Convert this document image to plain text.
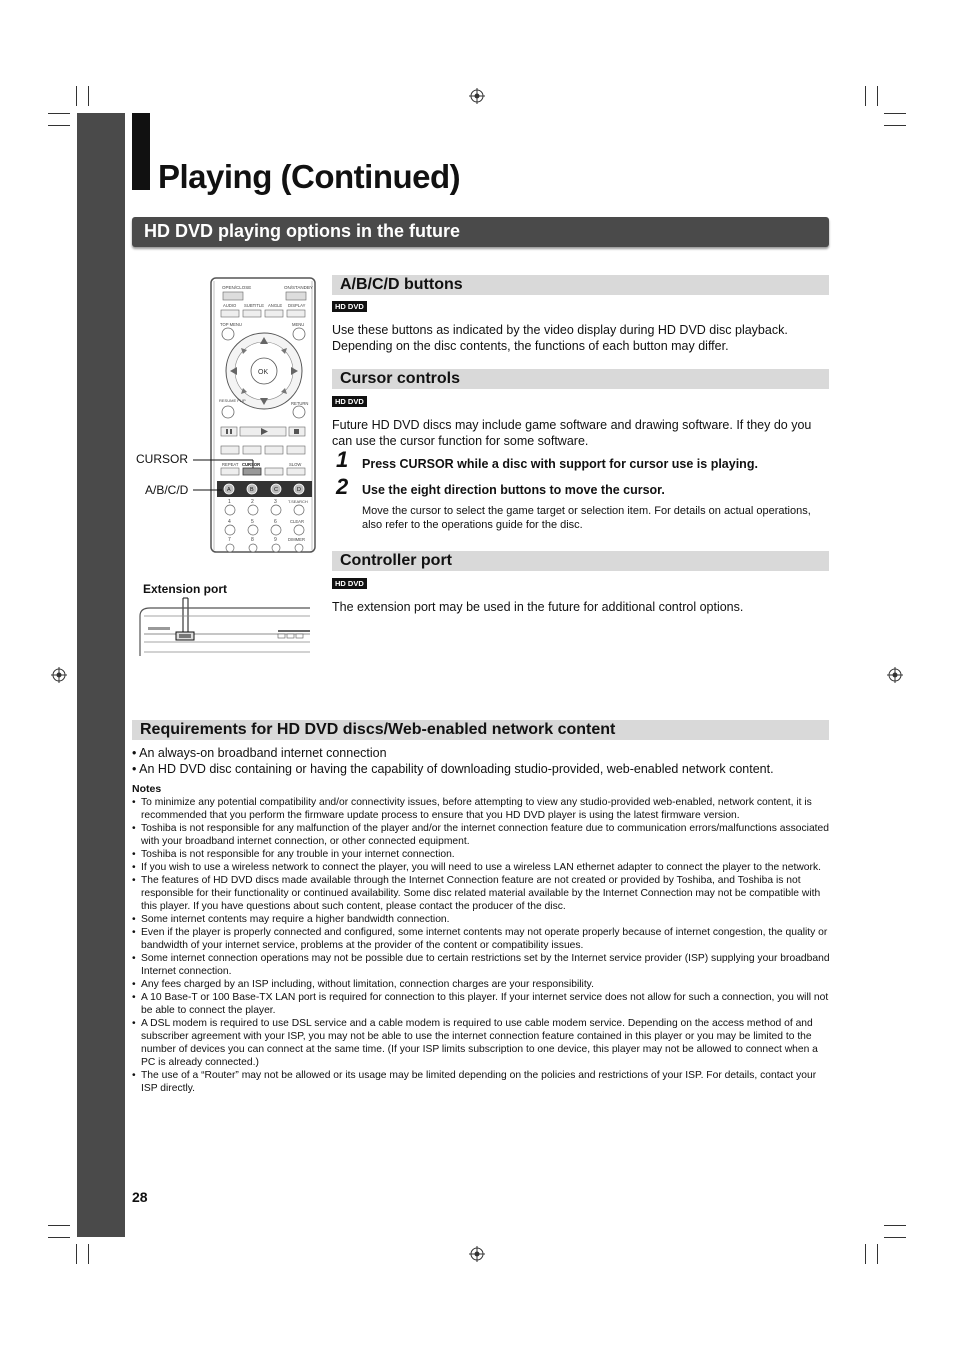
Playing (Continued)
HD DVD playing options in the future
OPEN/CLOSE	ON/STANDBY
AUDIO SUBTITLE ANGLE DISPLAY
TOP MENU	MENU
OK
RESUME FLIP
RETURN
REPEAT CURSOR	SLOW
A	B	C	D
1	2	3	T.SEARCH
4	5	6	CLEAR
7	8	9	DIMMER
CURSOR
A/B/C/D
Extension port
A/B/C/D buttons
HD DVD
Use these buttons as indicated by the video display during HD DVD disc playback. Depending on the disc contents, the functions of each button may differ.
Cursor controls
HD DVD
Future HD DVD discs may include game software and drawing software. If they do you can use the cursor function for some software.
1 Press CURSOR while a disc with support for cursor use is playing.
2 Use the eight direction buttons to move the cursor.
Move the cursor to select the game target or selection item. For details on actual operations, also refer to the operations guide for the disc.
Controller port
HD DVD
The extension port may be used in the future for additional control options.
Requirements for HD DVD discs/Web-enabled network content
• An always-on broadband internet connection
• An HD DVD disc containing or having the capability of downloading studio-provided, web-enabled network content.
Notes
• To minimize any potential compatibility and/or connectivity issues, before attempting to view any studio-provided web-enabled, network content, it is recommended that you perform the firmware update process to ensure that you HD DVD player is using the latest firmware version.
• Toshiba is not responsible for any malfunction of the player and/or the internet connection feature due to communication errors/malfunctions associated with your broadband internet connection, or other connected equipment.
• Toshiba is not responsible for any trouble in your internet connection.
• If you wish to use a wireless network to connect the player, you will need to use a wireless LAN ethernet adapter to connect the player to the network.
• The features of HD DVD discs made available through the Internet Connection feature are not created or provided by Toshiba, and Toshiba is not responsible for their functionality or continued availability. Some disc related material available by the Internet Connection may not be compatible with this player. If you have questions about such content, please contact the producer of the disc.
• Some internet contents may require a higher bandwidth connection.
• Even if the player is properly connected and configured, some internet contents may not operate properly because of internet congestion, the quality or bandwidth of your internet service, problems at the provider of the content or compatibility issues.
• Some internet connection operations may not be possible due to certain restrictions set by the Internet service provider (ISP) supplying your broadband Internet connection.
• Any fees charged by an ISP including, without limitation, connection charges are your responsibility.
• A 10 Base-T or 100 Base-TX LAN port is required for connection to this player. If your internet service does not allow for such a connection, you will not be able to connect the player.
• A DSL modem is required to use DSL service and a cable modem is required to use cable modem service. Depending on the access method of and subscriber agreement with your ISP, you may not be able to use the internet connection feature contained in this player or you may be limited to the number of devices you can connect at the same time. (If your ISP limits subscription to one device, this player may not be allowed to connect when a PC is already connected.)
• The use of a “Router” may not be allowed or its usage may be limited depending on the policies and restrictions of your ISP. For details, contact your ISP directly.
28
